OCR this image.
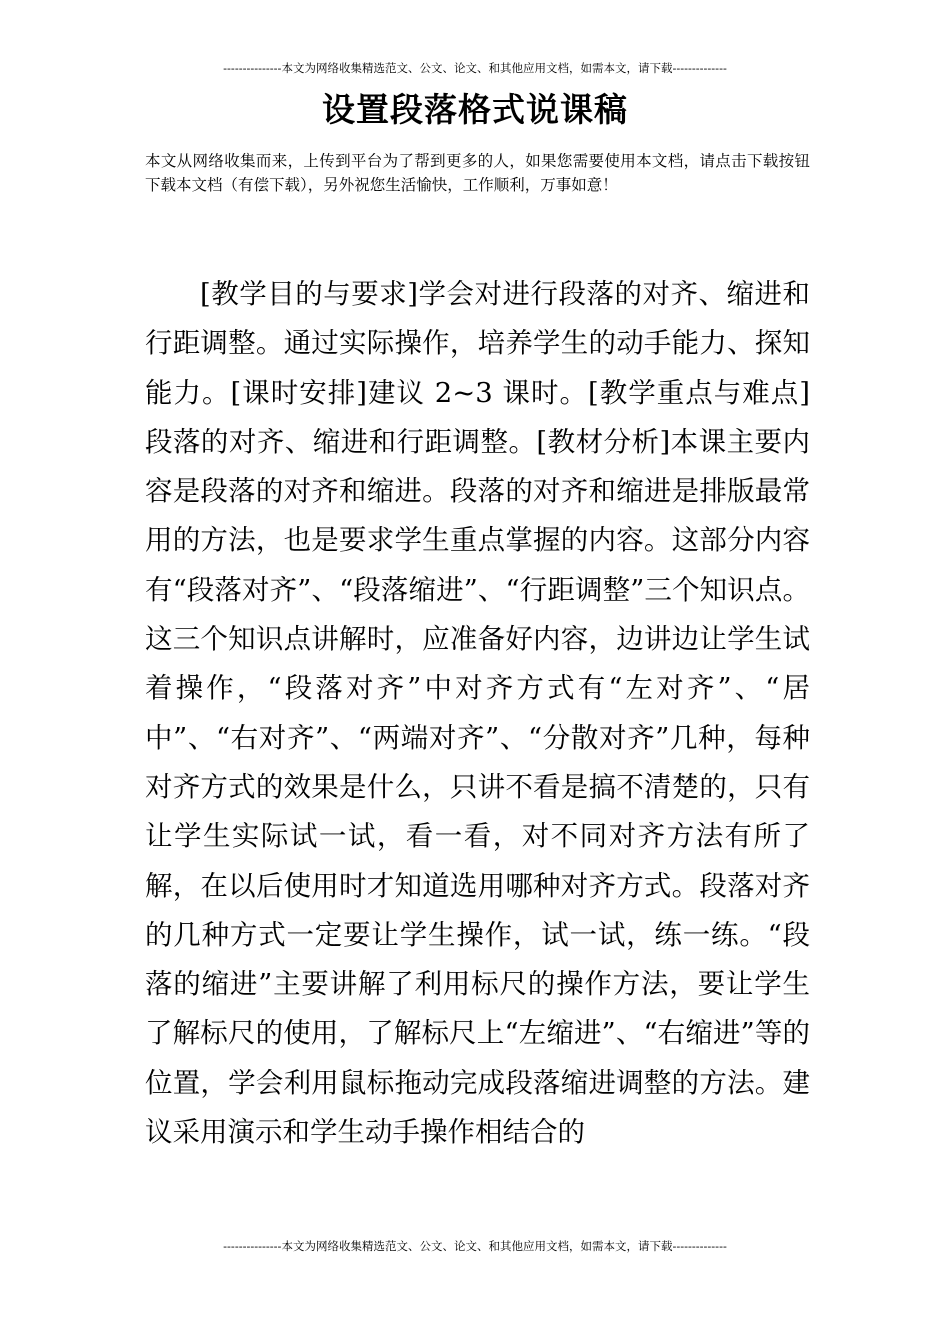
---------------本文为网络收集精选范文、公文、论文、和其他应用文档，如需本文，请下载--------------
设置段落格式说课稿
本文从网络收集而来，上传到平台为了帮到更多的人，如果您需要使用本文档，请点击下载按钮下载本文档（有偿下载），另外祝您生活愉快，工作顺利，万事如意！

[教学目的与要求]学会对进行段落的对齐、缩进和行距调整。通过实际操作，培养学生的动手能力、探知能力。[课时安排]建议 2~3 课时。[教学重点与难点]段落的对齐、缩进和行距调整。[教材分析]本课主要内容是段落的对齐和缩进。段落的对齐和缩进是排版最常用的方法，也是要求学生重点掌握的内容。这部分内容有“段落对齐”、“段落缩进”、“行距调整”三个知识点。这三个知识点讲解时，应准备好内容，边讲边让学生试着操作，“段落对齐”中对齐方式有“左对齐”、“居中”、“右对齐”、“两端对齐”、“分散对齐”几种，每种对齐方式的效果是什么，只讲不看是搞不清楚的，只有让学生实际试一试，看一看，对不同对齐方法有所了解，在以后使用时才知道选用哪种对齐方式。段落对齐的几种方式一定要让学生操作，试一试，练一练。“段落的缩进”主要讲解了利用标尺的操作方法，要让学生了解标尺的使用，了解标尺上“左缩进”、“右缩进”等的位置，学会利用鼠标拖动完成段落缩进调整的方法。建议采用演示和学生动手操作相结合的

---------------本文为网络收集精选范文、公文、论文、和其他应用文档，如需本文，请下载--------------
